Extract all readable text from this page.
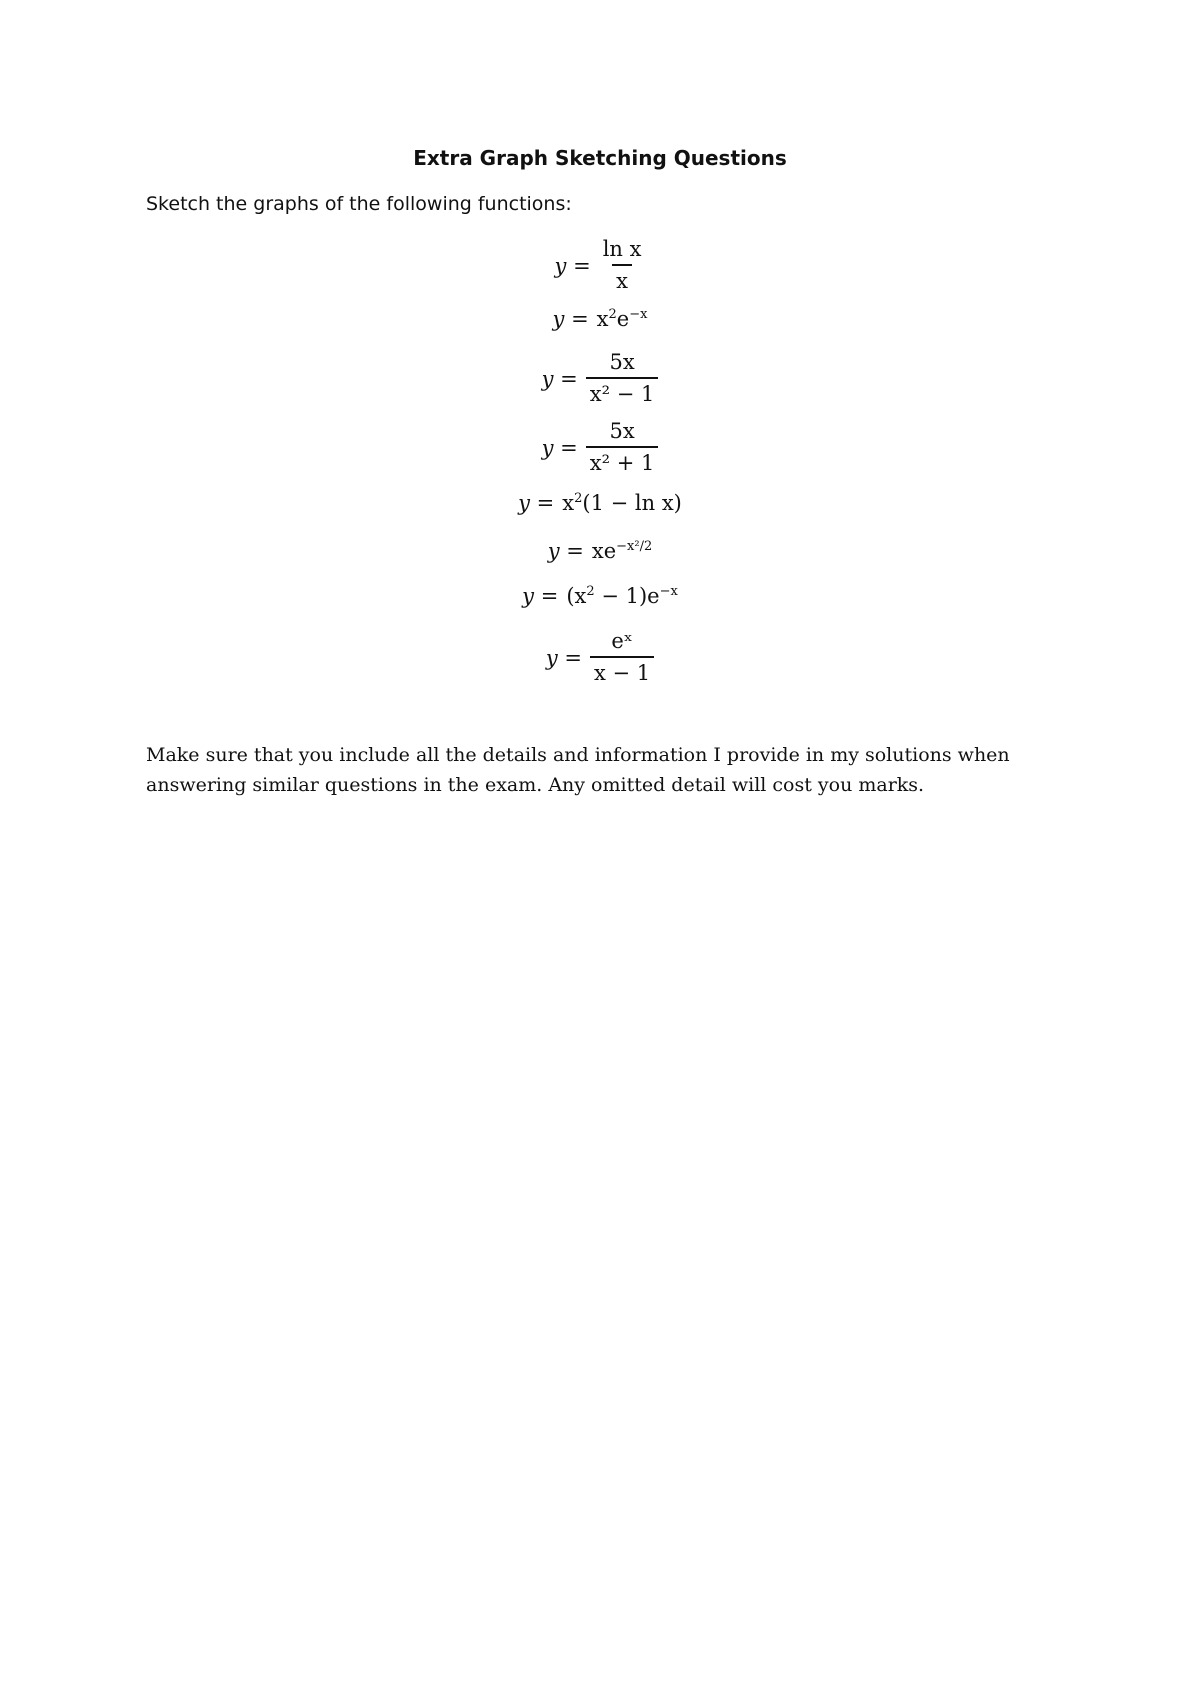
Extra Graph Sketching Questions
Sketch the graphs of the following functions:
$y = \frac{\text{ln x}}{x}$
$y = x^2e^{-x}$
$y = \frac{5x}{\text{x² − 1}}$
$y = \frac{5x}{\text{x² + 1}}$
$y = x^2(1 - \ln x)$
$y = xe^{-x^2/2}$
$y = (x^2 - 1)e^{-x}$
$y = \frac{\text{eˣ}}{x - 1}$
Make sure that you include all the details and information I provide in my solutions when
answering similar questions in the exam. Any omitted detail will cost you marks.
